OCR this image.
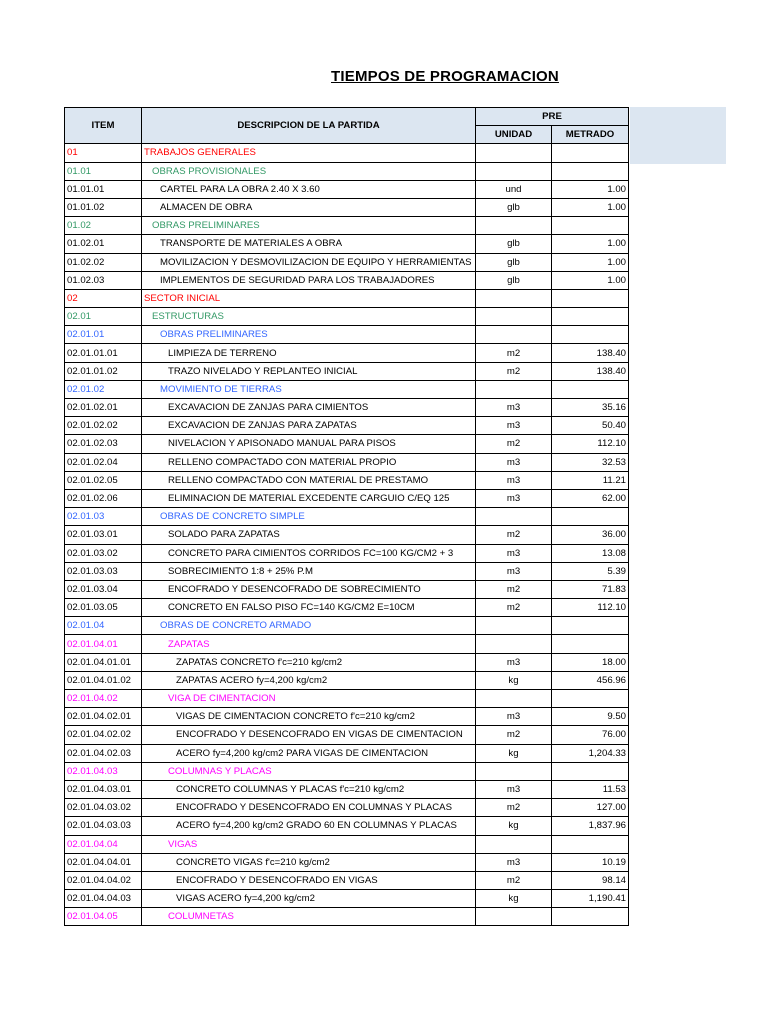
TIEMPOS DE PROGRAMACION
ITEM	DESCRIPCION DE LA PARTIDA	PRE	
		UNIDAD	METRADO
01	TRABAJOS GENERALES		
01.01	OBRAS PROVISIONALES		
01.01.01	CARTEL PARA LA OBRA 2.40 X 3.60	und	1.00
01.01.02	ALMACEN DE OBRA	glb	1.00
01.02	OBRAS PRELIMINARES		
01.02.01	TRANSPORTE DE MATERIALES A OBRA	glb	1.00
01.02.02	MOVILIZACION Y DESMOVILIZACION DE EQUIPO Y HERRAMIENTAS	glb	1.00
01.02.03	IMPLEMENTOS DE SEGURIDAD PARA LOS TRABAJADORES	glb	1.00
02	SECTOR INICIAL		
02.01	ESTRUCTURAS		
02.01.01	OBRAS PRELIMINARES		
02.01.01.01	LIMPIEZA DE TERRENO	m2	138.40
02.01.01.02	TRAZO NIVELADO Y REPLANTEO INICIAL	m2	138.40
02.01.02	MOVIMIENTO DE TIERRAS		
02.01.02.01	EXCAVACION DE ZANJAS PARA CIMIENTOS	m3	35.16
02.01.02.02	EXCAVACION DE ZANJAS PARA ZAPATAS	m3	50.40
02.01.02.03	NIVELACION Y APISONADO MANUAL PARA PISOS	m2	112.10
02.01.02.04	RELLENO COMPACTADO CON MATERIAL PROPIO	m3	32.53
02.01.02.05	RELLENO COMPACTADO CON MATERIAL DE PRESTAMO	m3	11.21
02.01.02.06	ELIMINACION DE MATERIAL EXCEDENTE CARGUIO C/EQ 125	m3	62.00
02.01.03	OBRAS DE CONCRETO SIMPLE		
02.01.03.01	SOLADO PARA ZAPATAS	m2	36.00
02.01.03.02	CONCRETO PARA CIMIENTOS CORRIDOS FC=100 KG/CM2 + 3	m3	13.08
02.01.03.03	SOBRECIMIENTO 1:8 + 25% P.M	m3	5.39
02.01.03.04	ENCOFRADO Y DESENCOFRADO DE SOBRECIMIENTO	m2	71.83
02.01.03.05	CONCRETO EN FALSO PISO FC=140 KG/CM2 E=10CM	m2	112.10
02.01.04	OBRAS DE CONCRETO ARMADO		
02.01.04.01	ZAPATAS		
02.01.04.01.01	ZAPATAS CONCRETO f'c=210 kg/cm2	m3	18.00
02.01.04.01.02	ZAPATAS ACERO fy=4,200 kg/cm2	kg	456.96
02.01.04.02	VIGA DE CIMENTACION		
02.01.04.02.01	VIGAS DE CIMENTACION CONCRETO f'c=210 kg/cm2	m3	9.50
02.01.04.02.02	ENCOFRADO Y DESENCOFRADO EN VIGAS DE CIMENTACION	m2	76.00
02.01.04.02.03	ACERO fy=4,200 kg/cm2 PARA VIGAS DE CIMENTACION	kg	1,204.33
02.01.04.03	COLUMNAS Y PLACAS		
02.01.04.03.01	CONCRETO COLUMNAS Y PLACAS f'c=210 kg/cm2	m3	11.53
02.01.04.03.02	ENCOFRADO Y DESENCOFRADO EN COLUMNAS Y PLACAS	m2	127.00
02.01.04.03.03	ACERO fy=4,200 kg/cm2 GRADO 60 EN COLUMNAS Y PLACAS	kg	1,837.96
02.01.04.04	VIGAS		
02.01.04.04.01	CONCRETO VIGAS f'c=210 kg/cm2	m3	10.19
02.01.04.04.02	ENCOFRADO Y DESENCOFRADO EN VIGAS	m2	98.14
02.01.04.04.03	VIGAS ACERO fy=4,200 kg/cm2	kg	1,190.41
02.01.04.05	COLUMNETAS		
